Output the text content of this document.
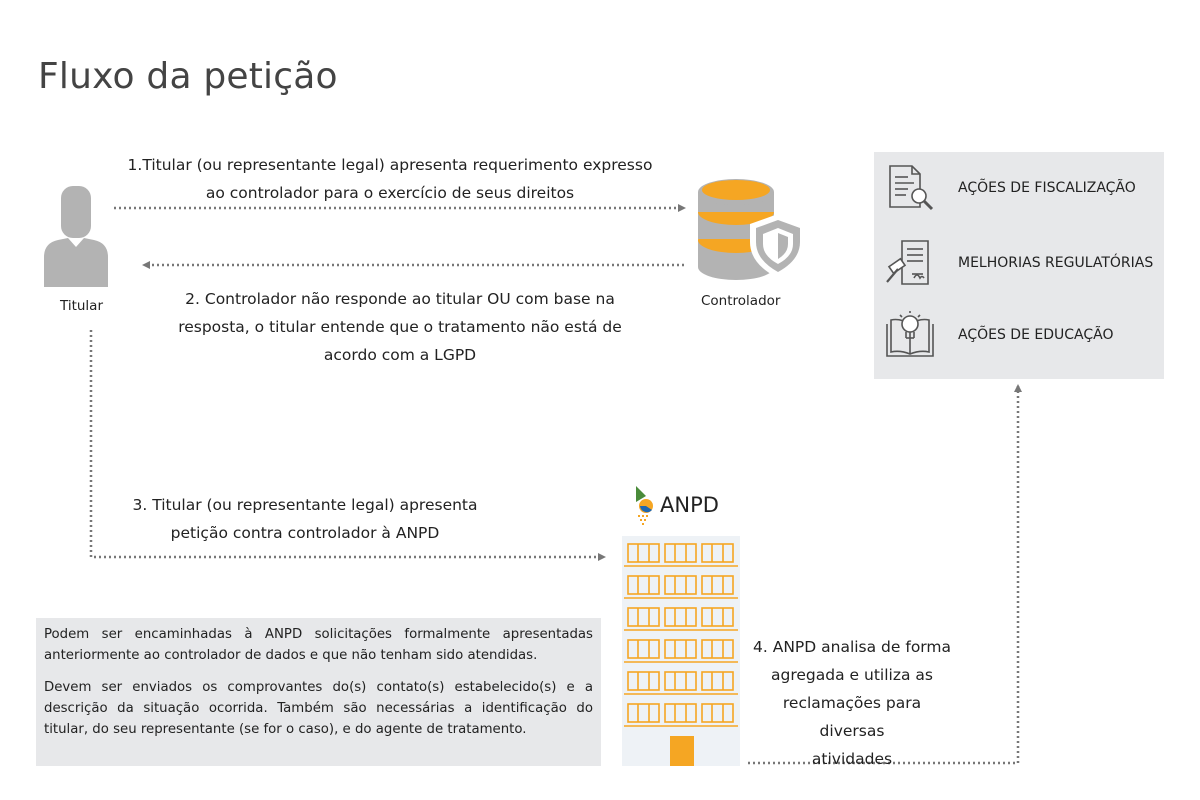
Fluxo da petição
Titular
1.Titular (ou representante legal) apresenta requerimento expresso
ao controlador para o exercício de seus direitos
Controlador
2. Controlador não responde ao titular OU com base na
resposta, o titular entende que o tratamento não está de
acordo com a LGPD
AÇÕES DE FISCALIZAÇÃO
MELHORIAS REGULATÓRIAS
AÇÕES DE EDUCAÇÃO
3. Titular (ou representante legal) apresenta
petição contra controlador à ANPD
ANPD
4. ANPD analisa de forma
agregada e utiliza as
reclamações para diversas
atividades

Podem ser encaminhadas à ANPD solicitações formalmente apresentadas anteriormente ao controlador de dados e que não tenham sido atendidas.

Devem ser enviados os comprovantes do(s) contato(s) estabelecido(s) e a descrição da situação ocorrida. Também são necessárias a identificação do titular, do seu representante (se for o caso), e do agente de tratamento.
